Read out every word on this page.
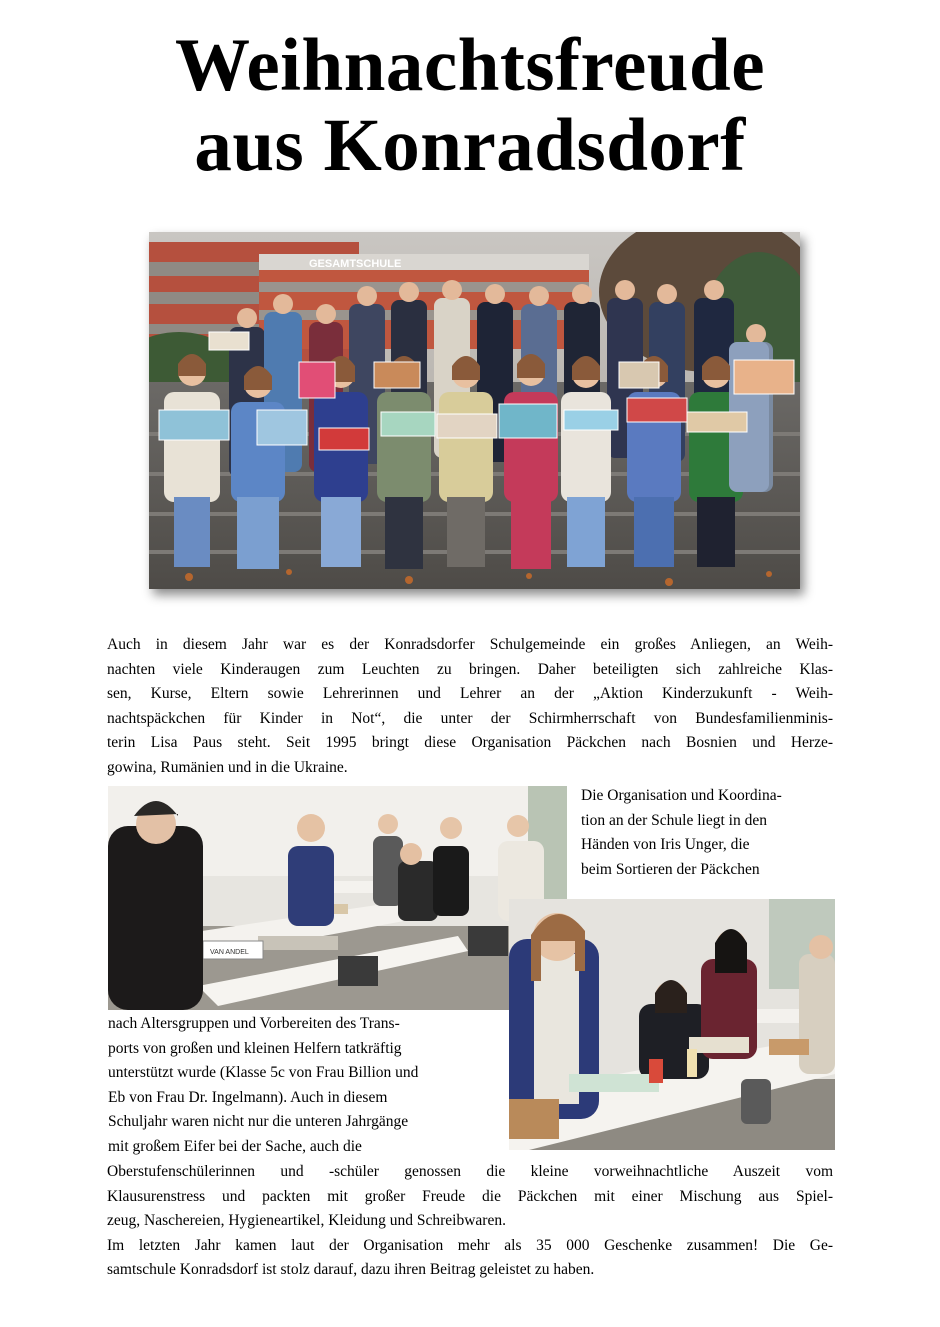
Weihnachtsfreude
aus Konradsdorf
GESAMTSCHULE

Auch in diesem Jahr war es der Konradsdorfer Schulgemeinde ein großes Anliegen, an Weih-
nachten viele Kinderaugen zum Leuchten zu bringen. Daher beteiligten sich zahlreiche Klas-
sen, Kurse, Eltern sowie Lehrerinnen und Lehrer an der „Aktion Kinderzukunft - Weih-
nachtspäckchen für Kinder in Not“, die unter der Schirmherrschaft von Bundesfamilienminis-
terin Lisa Paus steht. Seit 1995 bringt diese Organisation Päckchen nach Bosnien und Herze-
gowina, Rumänien und in die Ukraine.

VAN ANDEL
Die Organisation und Koordina-
tion an der Schule liegt in den
Händen von Iris Unger, die
beim Sortieren der Päckchen
nach Altersgruppen und Vorbereiten des Trans-
ports von großen und kleinen Helfern tatkräftig
unterstützt wurde (Klasse 5c von Frau Billion und
Eb von Frau Dr. Ingelmann). Auch in diesem
Schuljahr waren nicht nur die unteren Jahrgänge
mit großem Eifer bei der Sache, auch die

Oberstufenschülerinnen und -schüler genossen die kleine vorweihnachtliche Auszeit vom
Klausurenstress und packten mit großer Freude die Päckchen mit einer Mischung aus Spiel-
zeug, Naschereien, Hygieneartikel, Kleidung und Schreibwaren.
Im letzten Jahr kamen laut der Organisation mehr als 35 000 Geschenke zusammen! Die Ge-
samtschule Konradsdorf ist stolz darauf, dazu ihren Beitrag geleistet zu haben.
